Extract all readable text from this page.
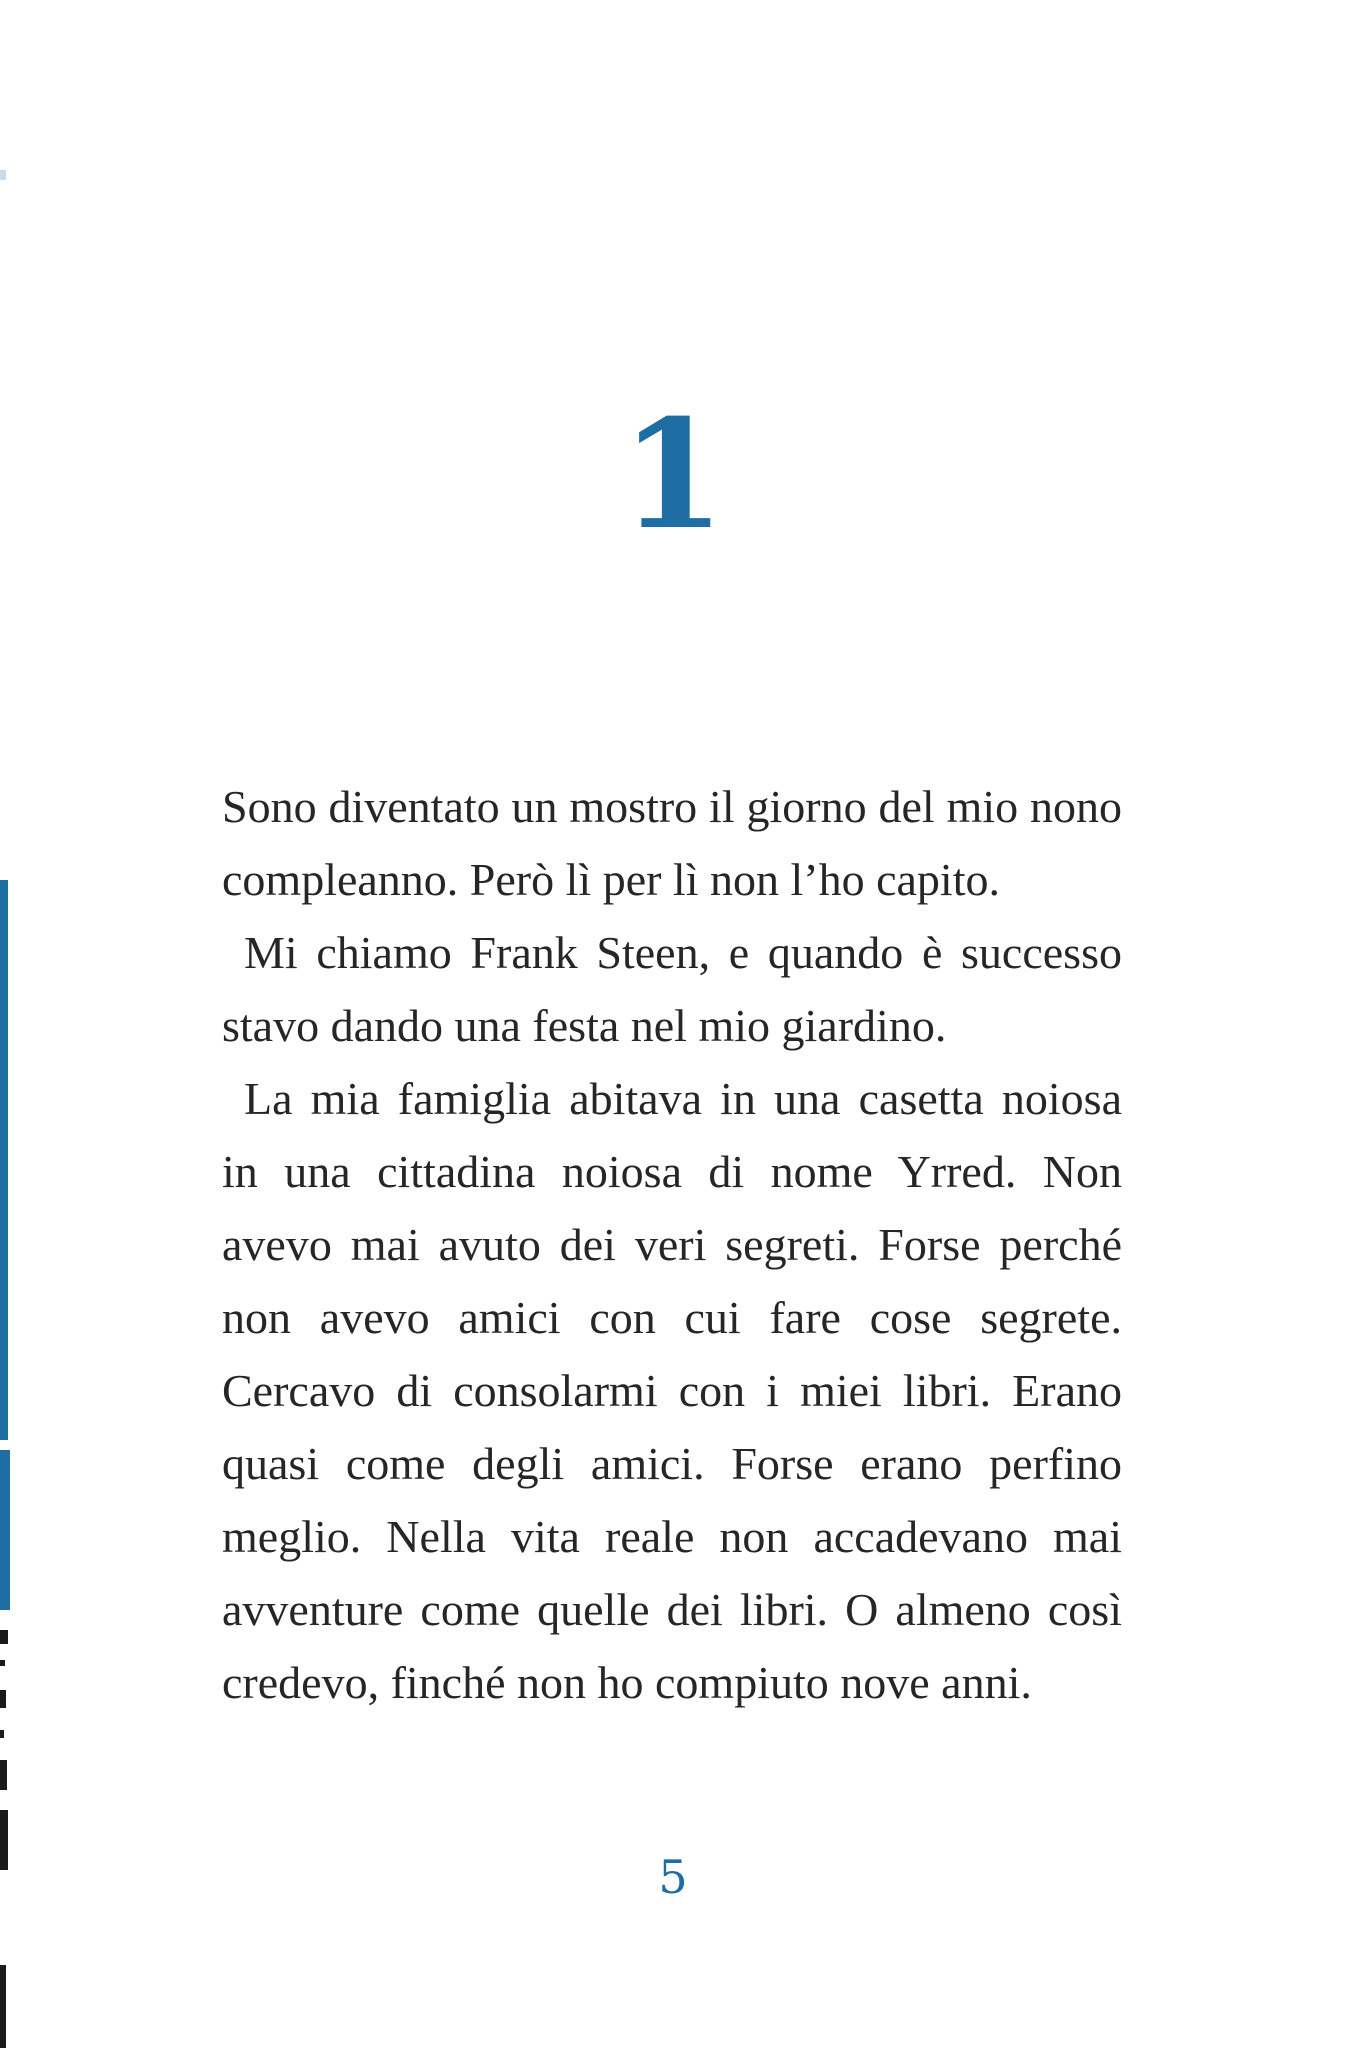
1

Sono diventato un mostro il giorno del mio nono compleanno. Però lì per lì non l’ho capito.

Mi chiamo Frank Steen, e quando è successo stavo dando una festa nel mio giardino.

La mia famiglia abitava in una casetta noiosa in una cittadina noiosa di nome Yrred. Non avevo mai avuto dei veri segreti. Forse perché non avevo amici con cui fare cose segrete. Cercavo di consolarmi con i miei libri. Erano quasi come degli amici. Forse erano perfino meglio. Nella vita reale non accadevano mai avventure come quelle dei libri. O almeno così credevo, finché non ho compiuto nove anni.

5
